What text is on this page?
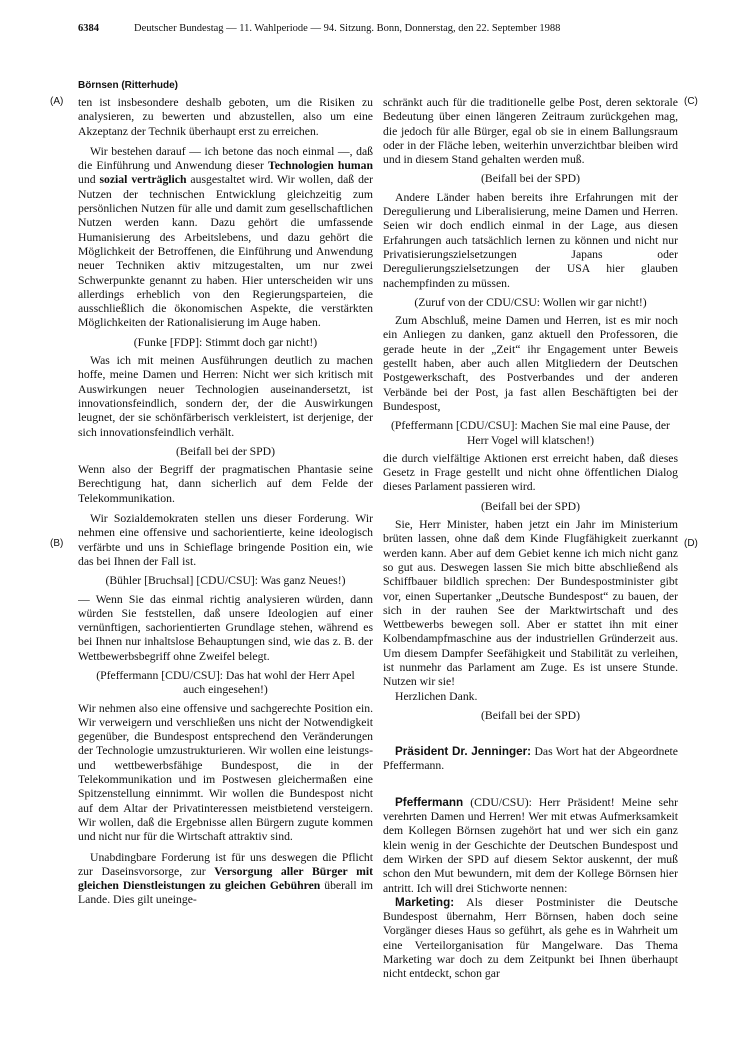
6384	Deutscher Bundestag — 11. Wahlperiode — 94. Sitzung. Bonn, Donnerstag, den 22. September 1988
Börnsen (Ritterhude)
(A)
(B)
(C)
(D)

ten ist insbesondere deshalb geboten, um die Risiken zu analysieren, zu bewerten und abzustellen, also um eine Akzeptanz der Technik überhaupt erst zu erreichen.

Wir bestehen darauf — ich betone das noch einmal —, daß die Einführung und Anwendung dieser Technologien human und sozial verträglich ausgestaltet wird. Wir wollen, daß der Nutzen der technischen Entwicklung gleichzeitig zum persönlichen Nutzen für alle und damit zum gesellschaftlichen Nutzen werden kann. Dazu gehört die umfassende Humanisierung des Arbeitslebens, und dazu gehört die Möglichkeit der Betroffenen, die Einführung und Anwendung neuer Techniken aktiv mitzugestalten, um nur zwei Schwerpunkte genannt zu haben. Hier unterscheiden wir uns allerdings erheblich von den Regierungsparteien, die ausschließlich die ökonomischen Aspekte, die verstärkten Möglichkeiten der Rationalisierung im Auge haben.

(Funke [FDP]: Stimmt doch gar nicht!)

Was ich mit meinen Ausführungen deutlich zu machen hoffe, meine Damen und Herren: Nicht wer sich kritisch mit Auswirkungen neuer Technologien auseinandersetzt, ist innovationsfeindlich, sondern der, der die Auswirkungen leugnet, der sie schönfärberisch verkleistert, ist derjenige, der sich innovationsfeindlich verhält.

(Beifall bei der SPD)

Wenn also der Begriff der pragmatischen Phantasie seine Berechtigung hat, dann sicherlich auf dem Felde der Telekommunikation.

Wir Sozialdemokraten stellen uns dieser Forderung. Wir nehmen eine offensive und sachorientierte, keine ideologisch verfärbte und uns in Schieflage bringende Position ein, wie das bei Ihnen der Fall ist.

(Bühler [Bruchsal] [CDU/CSU]: Was ganz Neues!)

— Wenn Sie das einmal richtig analysieren würden, dann würden Sie feststellen, daß unsere Ideologien auf einer vernünftigen, sachorientierten Grundlage stehen, während es bei Ihnen nur inhaltslose Behauptungen sind, wie das z. B. der Wettbewerbsbegriff ohne Zweifel belegt.

(Pfeffermann [CDU/CSU]: Das hat wohl der Herr Apel auch eingesehen!)

Wir nehmen also eine offensive und sachgerechte Position ein. Wir verweigern und verschließen uns nicht der Notwendigkeit gegenüber, die Bundespost entsprechend den Veränderungen der Technologie umzustrukturieren. Wir wollen eine leistungs- und wettbewerbsfähige Bundespost, die in der Telekommunikation und im Postwesen gleichermaßen eine Spitzenstellung einnimmt. Wir wollen die Bundespost nicht auf dem Altar der Privatinteressen meistbietend versteigern. Wir wollen, daß die Ergebnisse allen Bürgern zugute kommen und nicht nur für die Wirtschaft attraktiv sind.

Unabdingbare Forderung ist für uns deswegen die Pflicht zur Daseinsvorsorge, zur Versorgung aller Bürger mit gleichen Dienstleistungen zu gleichen Gebühren überall im Lande. Dies gilt uneinge-

schränkt auch für die traditionelle gelbe Post, deren sektorale Bedeutung über einen längeren Zeitraum zurückgehen mag, die jedoch für alle Bürger, egal ob sie in einem Ballungsraum oder in der Fläche leben, weiterhin unverzichtbar bleiben wird und in diesem Stand gehalten werden muß.

(Beifall bei der SPD)

Andere Länder haben bereits ihre Erfahrungen mit der Deregulierung und Liberalisierung, meine Damen und Herren. Seien wir doch endlich einmal in der Lage, aus diesen Erfahrungen auch tatsächlich lernen zu können und nicht nur Privatisierungszielsetzungen Japans oder Deregulierungszielsetzungen der USA hier glauben nachempfinden zu müssen.

(Zuruf von der CDU/CSU: Wollen wir gar nicht!)

Zum Abschluß, meine Damen und Herren, ist es mir noch ein Anliegen zu danken, ganz aktuell den Professoren, die gerade heute in der „Zeit“ ihr Engagement unter Beweis gestellt haben, aber auch allen Mitgliedern der Deutschen Postgewerkschaft, des Postverbandes und der anderen Verbände bei der Post, ja fast allen Beschäftigten bei der Bundespost,

(Pfeffermann [CDU/CSU]: Machen Sie mal eine Pause, der Herr Vogel will klatschen!)

die durch vielfältige Aktionen erst erreicht haben, daß dieses Gesetz in Frage gestellt und nicht ohne öffentlichen Dialog dieses Parlament passieren wird.

(Beifall bei der SPD)

Sie, Herr Minister, haben jetzt ein Jahr im Ministerium brüten lassen, ohne daß dem Kinde Flugfähigkeit zuerkannt werden kann. Aber auf dem Gebiet kenne ich mich nicht ganz so gut aus. Deswegen lassen Sie mich bitte abschließend als Schiffbauer bildlich sprechen: Der Bundespostminister gibt vor, einen Supertanker „Deutsche Bundespost“ zu bauen, der sich in der rauhen See der Marktwirtschaft und des Wettbewerbs bewegen soll. Aber er stattet ihn mit einer Kolbendampfmaschine aus der industriellen Gründerzeit aus. Um diesem Dampfer Seefähigkeit und Stabilität zu verleihen, ist nunmehr das Parlament am Zuge. Es ist unsere Stunde. Nutzen wir sie!

Herzlichen Dank.

(Beifall bei der SPD)

Präsident Dr. Jenninger: Das Wort hat der Abgeordnete Pfeffermann.

Pfeffermann (CDU/CSU): Herr Präsident! Meine sehr verehrten Damen und Herren! Wer mit etwas Aufmerksamkeit dem Kollegen Börnsen zugehört hat und wer sich ein ganz klein wenig in der Geschichte der Deutschen Bundespost und dem Wirken der SPD auf diesem Sektor auskennt, der muß schon den Mut bewundern, mit dem der Kollege Börnsen hier antritt. Ich will drei Stichworte nennen:

Marketing: Als dieser Postminister die Deutsche Bundespost übernahm, Herr Börnsen, haben doch seine Vorgänger dieses Haus so geführt, als gehe es in Wahrheit um eine Verteilorganisation für Mangelware. Das Thema Marketing war doch zu dem Zeitpunkt bei Ihnen überhaupt nicht entdeckt, schon gar
